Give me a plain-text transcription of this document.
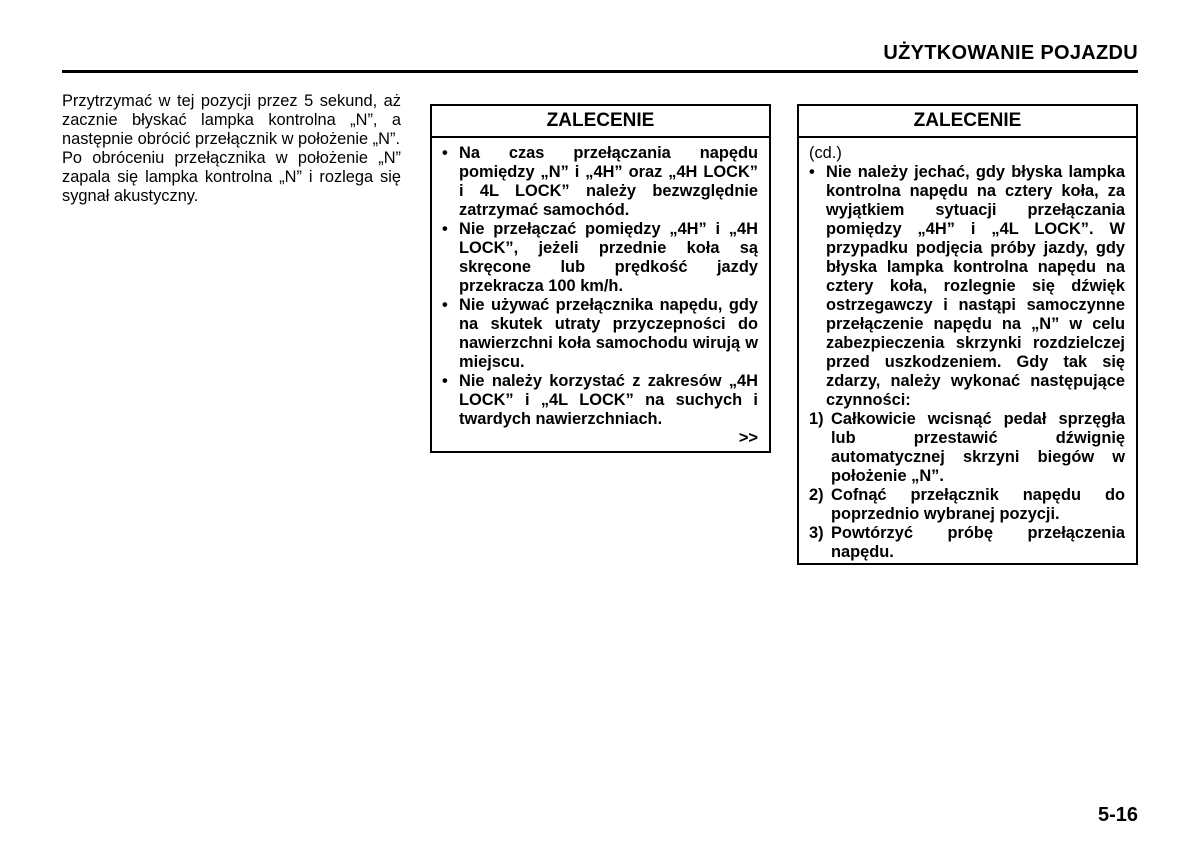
UŻYTKOWANIE POJAZDU

Przytrzymać w tej pozycji przez 5 sekund, aż zacznie błyskać lampka kontrolna „N”, a następnie obrócić przełącznik w położenie „N”.

Po obróceniu przełącznika w położenie „N” zapala się lampka kontrolna „N” i rozlega się sygnał akustyczny.

ZALECENIE
• Na czas przełączania napędu pomiędzy „N” i „4H” oraz „4H LOCK” i 4L LOCK” należy bezwzględnie zatrzymać samochód.
• Nie przełączać pomiędzy „4H” i „4H LOCK”, jeżeli przednie koła są skręcone lub prędkość jazdy przekracza 100 km/h.
• Nie używać przełącznika napędu, gdy na skutek utraty przyczepności do nawierzchni koła samochodu wirują w miejscu.
• Nie należy korzystać z zakresów „4H LOCK” i „4L LOCK” na suchych i twardych nawierzchniach.
>>
ZALECENIE
(cd.)
• Nie należy jechać, gdy błyska lampka kontrolna napędu na cztery koła, za wyjątkiem sytuacji przełączania pomiędzy „4H” i „4L LOCK”. W przypadku podjęcia próby jazdy, gdy błyska lampka kontrolna napędu na cztery koła, rozlegnie się dźwięk ostrzegawczy i nastąpi samoczynne przełączenie napędu na „N” w celu zabezpieczenia skrzynki rozdzielczej przed uszkodzeniem. Gdy tak się zdarzy, należy wykonać następujące czynności:
1) Całkowicie wcisnąć pedał sprzęgła lub przestawić dźwignię automatycznej skrzyni biegów w położenie „N”.
2) Cofnąć przełącznik napędu do poprzednio wybranej pozycji.
3) Powtórzyć próbę przełączenia napędu.
5-16
